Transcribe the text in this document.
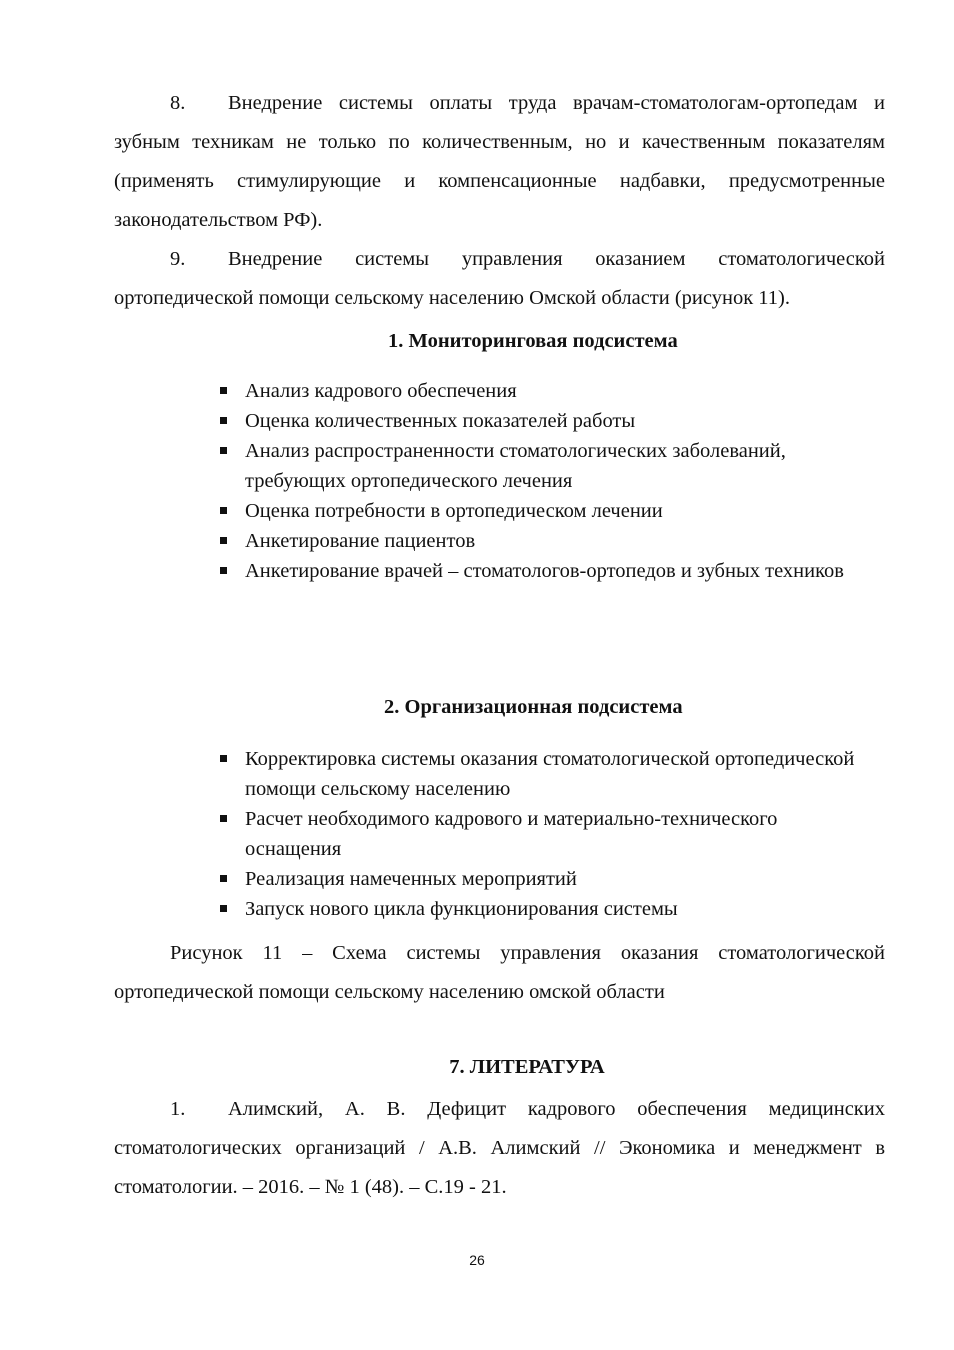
8. Внедрение системы оплаты труда врачам-стоматологам-ортопедам и зубным техникам не только по количественным, но и качественным показателям (применять стимулирующие и компенсационные надбавки, предусмотренные законодательством РФ).

9. Внедрение системы управления оказанием стоматологической ортопедической помощи сельскому населению Омской области (рисунок 11).

1. Мониторинговая подсистема
Анализ кадрового обеспечения
Оценка количественных показателей работы
Анализ распространенности стоматологических заболеваний, требующих ортопедического лечения
Оценка потребности в ортопедическом лечении
Анкетирование пациентов
Анкетирование врачей – стоматологов-ортопедов и зубных техников
2. Организационная подсистема
Корректировка системы оказания стоматологической ортопедической помощи сельскому населению
Расчет необходимого кадрового и материально-технического оснащения
Реализация намеченных мероприятий
Запуск нового цикла функционирования системы

Рисунок 11 – Схема системы управления оказания стоматологической ортопедической помощи сельскому населению омской области

7. ЛИТЕРАТУРА

1. Алимский, А. В. Дефицит кадрового обеспечения медицинских стоматологических организаций / А.В. Алимский // Экономика и менеджмент в стоматологии. – 2016. – № 1 (48). – С.19 - 21.

26
